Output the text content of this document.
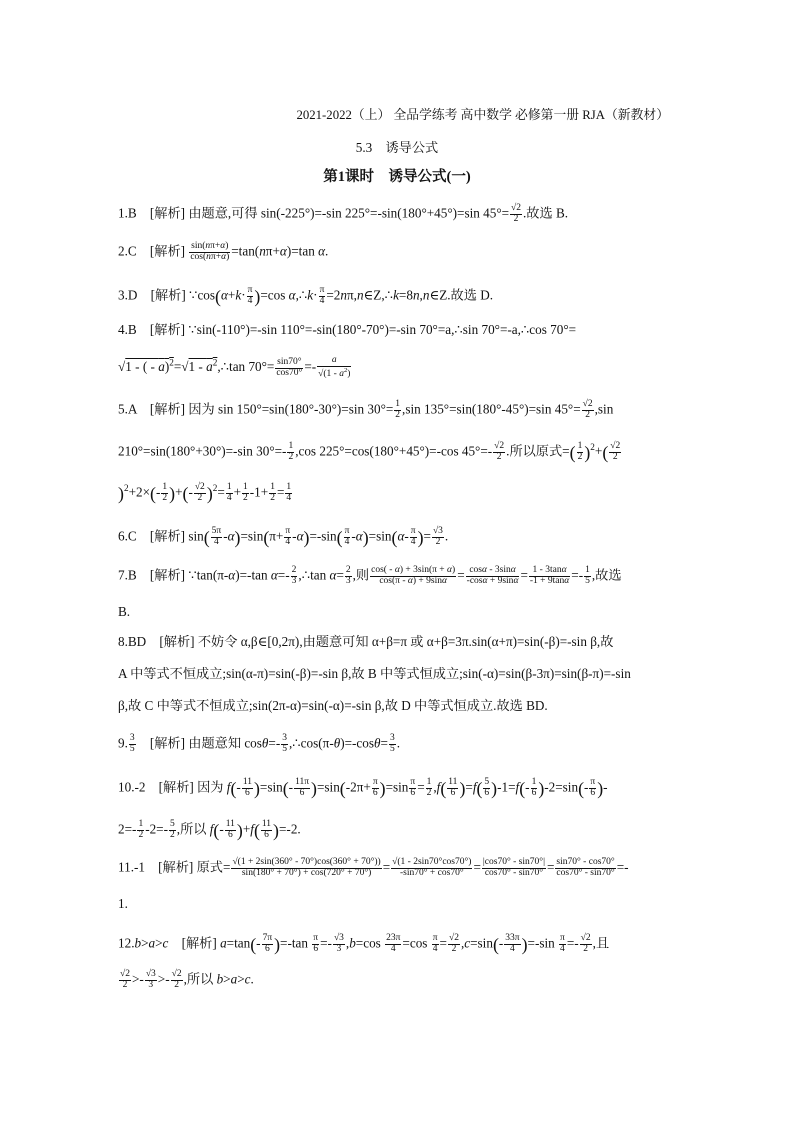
2021-2022（上） 全品学练考 高中数学 必修第一册 RJA（新教材）
5.3　诱导公式
第1课时　诱导公式(一)
1.B　[解析] 由题意,可得 sin(-225°)=-sin 225°=-sin(180°+45°)=sin $45^\circ= \frac{√2}{2}$ .故选 B.
2.C　[解析] $\frac{\sin(n\pi+\alpha)}{\cos(n\pi+\alpha)} =\tan(n\pi+\alpha)=\tan$ α.
3.D　[解析] ∵cos(α+k· $\frac{\pi}{4} )=\cos$ α,∴k· $\frac{\pi}{4}$ =2nπ,n∈Z,∴k=8n,n∈Z.故选 D.
4.B　[解析] ∵sin(-110°)=-sin 110°=-sin(180°-70°)=-sin 70°=a,∴sin 70°=-a,∴cos 70°=
√1 - ( - $a)^2=√1 - a^2,\therefore\tan$ $70^\circ= \frac{\sin 70^\circ}{\cos 70^\circ} =- \frac{a}{√(1 - a^2)}$
5.A　[解析] 因为 sin 150°=sin(180°-30°)=sin $30^\circ= \frac{1}{2} ,\sin$ 135°=sin(180°-45°)=sin $45^\circ= \frac{√2}{2} ,\sin$
210°=sin(180°+30°)=-sin $30^\circ=- \frac{1}{2} ,\cos$ 225°=cos(180°+45°)=-cos $45^\circ=- \frac{√2}{2}$ .所以原式=( $\frac{1}{2} )^2+( \frac{√2}{2}$
)$^2+2\times(- \frac{1}{2}$ )+(- $\frac{√2}{2} )^2= \frac{1}{4} + \frac{1}{2} -1+ \frac{1}{2} = \frac{1}{4}$
6.C　[解析] $\sin( \frac{5\pi}{4} -\alpha)=\sin(\pi+ \frac{\pi}{4} -\alpha)=-\sin( \frac{\pi}{4} -\alpha)=\sin(\alpha- \frac{\pi}{4}$ )= $\frac{√3}{2}$ .
7.B　[解析] ∵tan(π-α)=-tan $\alpha=- \frac{2}{3}$ ,∴tan $\alpha= \frac{2}{3}$ ,则 $\frac{\cos( - \alpha) + 3\sin(\pi + \alpha)}{\cos(\pi - \alpha) + 9\sin\alpha} = \frac{\cos\alpha - 3\sin\alpha}{-\cos\alpha + 9\sin\alpha} = \frac{1 - 3\tan\alpha}{-1 + 9\tan\alpha} =- \frac{1}{5}$ ,故选
B.
8.BD　[解析] 不妨令 α,β∈[0,2π),由题意可知 α+β=π 或 α+β=3π.sin(α+π)=sin(-β)=-sin β,故
A 中等式不恒成立;sin(α-π)=sin(-β)=-sin β,故 B 中等式恒成立;sin(-α)=sin(β-3π)=sin(β-π)=-sin
β,故 C 中等式不恒成立;sin(2π-α)=sin(-α)=-sin β,故 D 中等式恒成立.故选 BD.
9. $\frac{3}{5}$ 　[解析] 由题意知 $\cos\theta=- \frac{3}{5}$ ,∴cos(π-θ)=-cosθ= $\frac{3}{5}$ .
10.-2　[解析] 因为 $f(- \frac{11}{6} )=\sin(- \frac{11\pi}{6} )=\sin(-2\pi+ \frac{\pi}{6} )=\sin \frac{\pi}{6} = \frac{1}{2} ,f( \frac{11}{6} )=f( \frac{5}{6} )-1=f(- \frac{1}{6} )-2=\sin(- \frac{\pi}{6}$ )-
$2=- \frac{1}{2} -2=- \frac{5}{2}$ ,所以 $f(- \frac{11}{6} )+f( \frac{11}{6} )=-2$.
11.-1　[解析] 原式= $\frac{√(1 + 2\sin(360^\circ - 70^\circ)\cos(360^\circ + 70^\circ))}{\sin(180^\circ + 70^\circ) + \cos(720^\circ + 70^\circ)} = \frac{√(1 - 2\sin 70^\circ\cos 70^\circ)}{-\sin 70^\circ + \cos 70^\circ} = \frac{|\cos 70^\circ - \sin 70^\circ|}{\cos 70^\circ - \sin 70^\circ} = \frac{\sin 70^\circ - \cos 70^\circ}{\cos 70^\circ - \sin 70^\circ}$ =-
1.
12.b>a>c　[解析] $a=\tan(- \frac{7\pi}{6} )=-\tan \frac{\pi}{6} =- \frac{√3}{3} ,b=\cos \frac{23\pi}{4} =\cos \frac{\pi}{4} = \frac{√2}{2} ,c=\sin(- \frac{33\pi}{4} )=-\sin \frac{\pi}{4} =- \frac{√2}{2}$ ,且
$\frac{√2}{2} >- \frac{√3}{3} >- \frac{√2}{2}$ ,所以 b>a>c.
